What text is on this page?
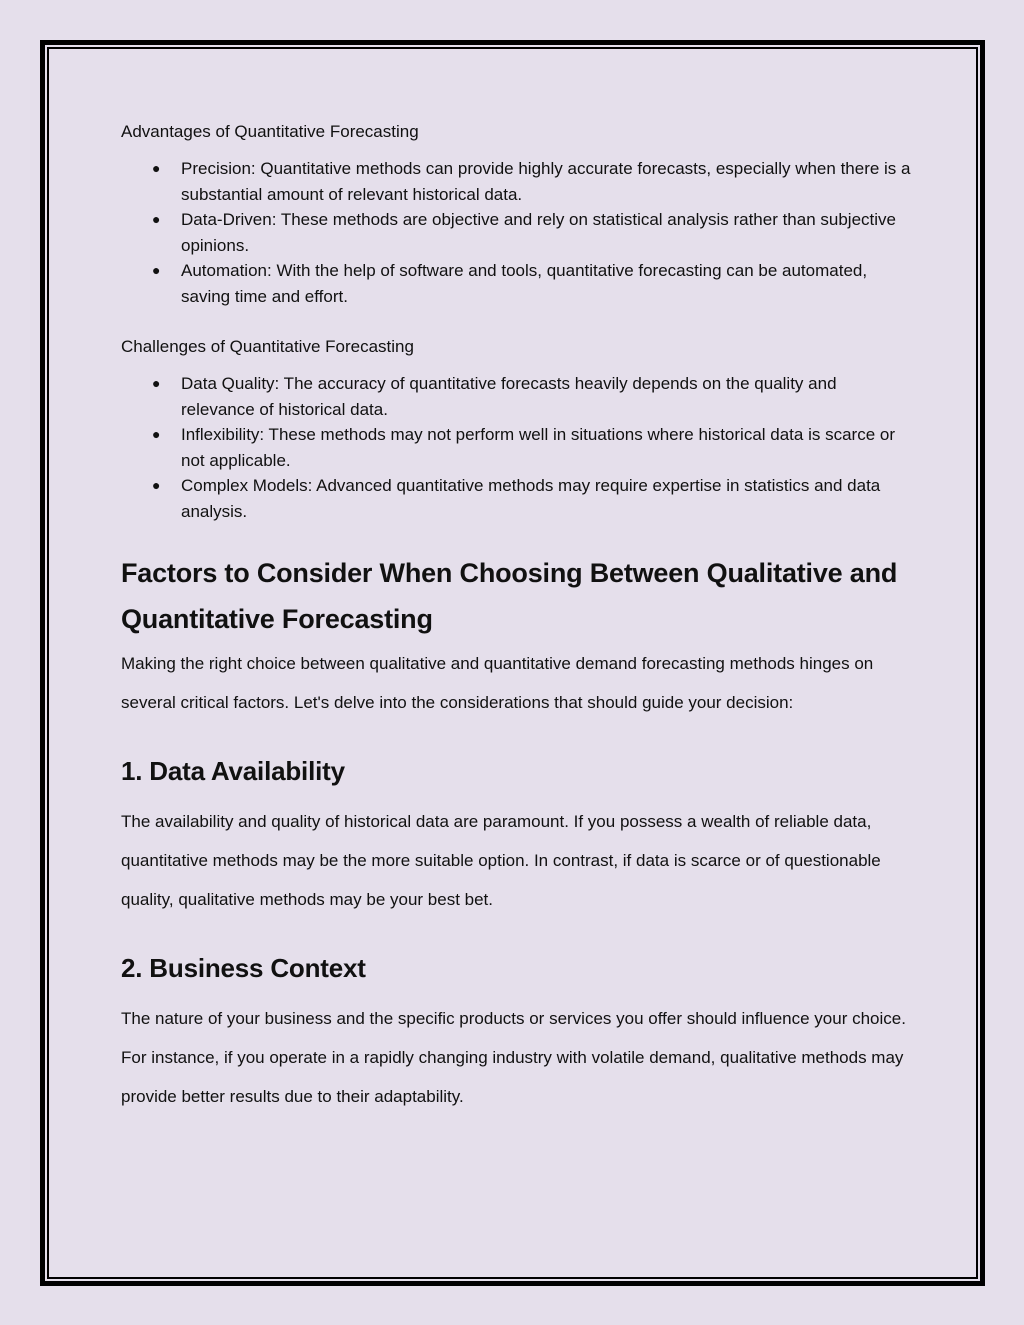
Advantages of Quantitative Forecasting

● Precision: Quantitative methods can provide highly accurate forecasts, especially when there is a substantial amount of relevant historical data.
● Data-Driven: These methods are objective and rely on statistical analysis rather than subjective opinions.
● Automation: With the help of software and tools, quantitative forecasting can be automated, saving time and effort.

Challenges of Quantitative Forecasting

● Data Quality: The accuracy of quantitative forecasts heavily depends on the quality and relevance of historical data.
● Inflexibility: These methods may not perform well in situations where historical data is scarce or not applicable.
● Complex Models: Advanced quantitative methods may require expertise in statistics and data analysis.
Factors to Consider When Choosing Between Qualitative and Quantitative Forecasting

Making the right choice between qualitative and quantitative demand forecasting methods hinges on several critical factors. Let's delve into the considerations that should guide your decision:

1. Data Availability

The availability and quality of historical data are paramount. If you possess a wealth of reliable data, quantitative methods may be the more suitable option. In contrast, if data is scarce or of questionable quality, qualitative methods may be your best bet.

2. Business Context

The nature of your business and the specific products or services you offer should influence your choice. For instance, if you operate in a rapidly changing industry with volatile demand, qualitative methods may provide better results due to their adaptability.
